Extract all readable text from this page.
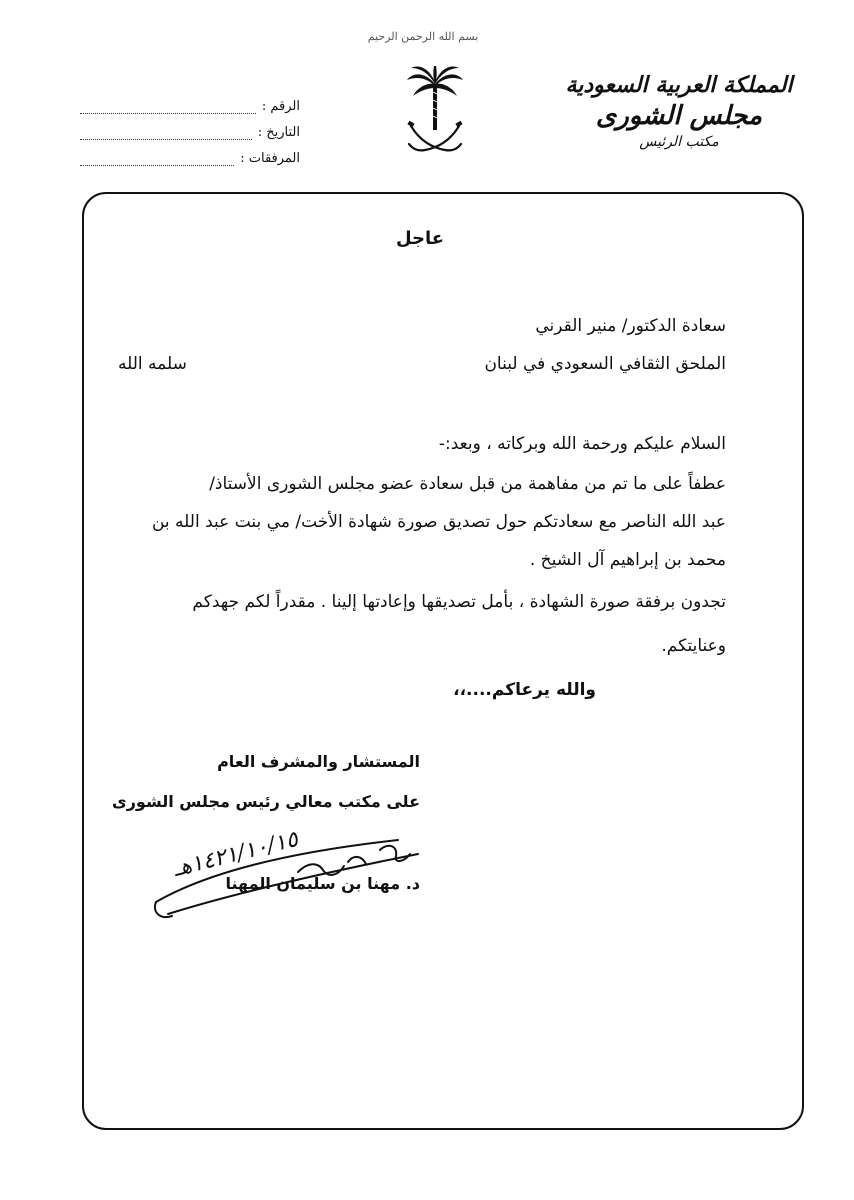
بسم الله الرحمن الرحيم
المملكة العربية السعودية
مجلس الشورى
مكتب الرئيس
الرقم :
التاريخ :
المرفقات :
عاجل
سعادة الدكتور/ منير القرني
الملحق الثقافي السعودي في لبنان
سلمه الله
السلام عليكم ورحمة الله وبركاته ، وبعد:-
عطفاً على ما تم من مفاهمة من قبل سعادة عضو مجلس الشورى الأستاذ/
عبد الله الناصر مع سعادتكم حول تصديق صورة شهادة الأخت/ مي بنت عبد الله بن
محمد بن إبراهيم آل الشيخ .
تجدون برفقة صورة الشهادة ، بأمل تصديقها وإعادتها إلينا . مقدراً لكم جهدكم
وعنايتكم.
والله يرعاكم....،،
المستشار والمشرف العام
على مكتب معالي رئيس مجلس الشورى
د. مهنا بن سليمان المهنا
١٤٢١/١٠/١٥هـ
